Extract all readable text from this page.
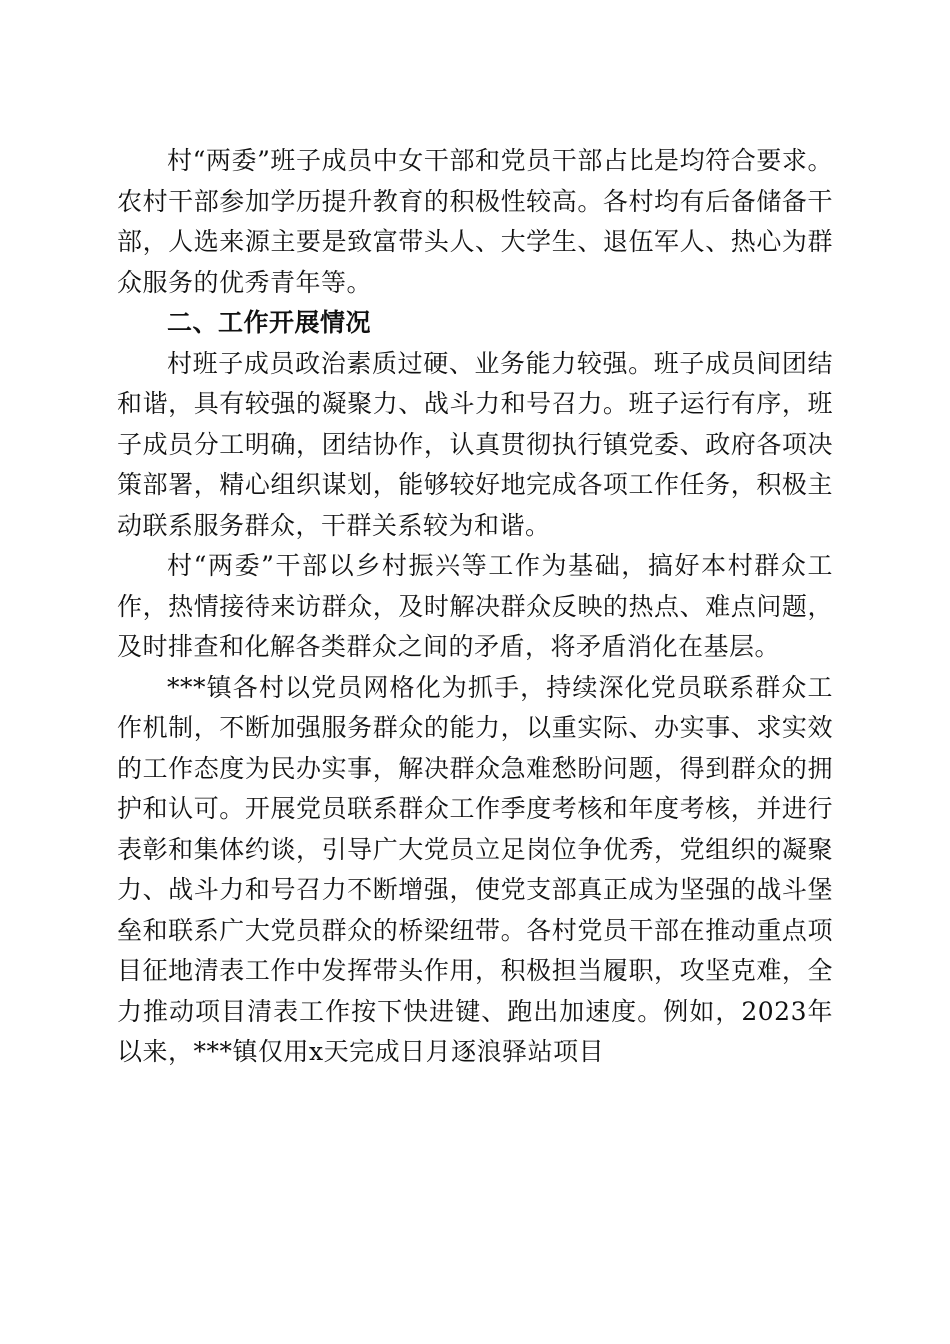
村“两委”班子成员中女干部和党员干部占比是均符合要求。农村干部参加学历提升教育的积极性较高。各村均有后备储备干部，人选来源主要是致富带头人、大学生、退伍军人、热心为群众服务的优秀青年等。

二、工作开展情况

村班子成员政治素质过硬、业务能力较强。班子成员间团结和谐，具有较强的凝聚力、战斗力和号召力。班子运行有序，班子成员分工明确，团结协作，认真贯彻执行镇党委、政府各项决策部署，精心组织谋划，能够较好地完成各项工作任务，积极主动联系服务群众，干群关系较为和谐。

村“两委”干部以乡村振兴等工作为基础，搞好本村群众工作，热情接待来访群众，及时解决群众反映的热点、难点问题，及时排查和化解各类群众之间的矛盾，将矛盾消化在基层。

***镇各村以党员网格化为抓手，持续深化党员联系群众工作机制，不断加强服务群众的能力，以重实际、办实事、求实效的工作态度为民办实事，解决群众急难愁盼问题，得到群众的拥护和认可。开展党员联系群众工作季度考核和年度考核，并进行表彰和集体约谈，引导广大党员立足岗位争优秀，党组织的凝聚力、战斗力和号召力不断增强，使党支部真正成为坚强的战斗堡垒和联系广大党员群众的桥梁纽带。各村党员干部在推动重点项目征地清表工作中发挥带头作用，积极担当履职，攻坚克难，全力推动项目清表工作按下快进键、跑出加速度。例如，2023年以来，***镇仅用x天完成日月逐浪驿站项目
